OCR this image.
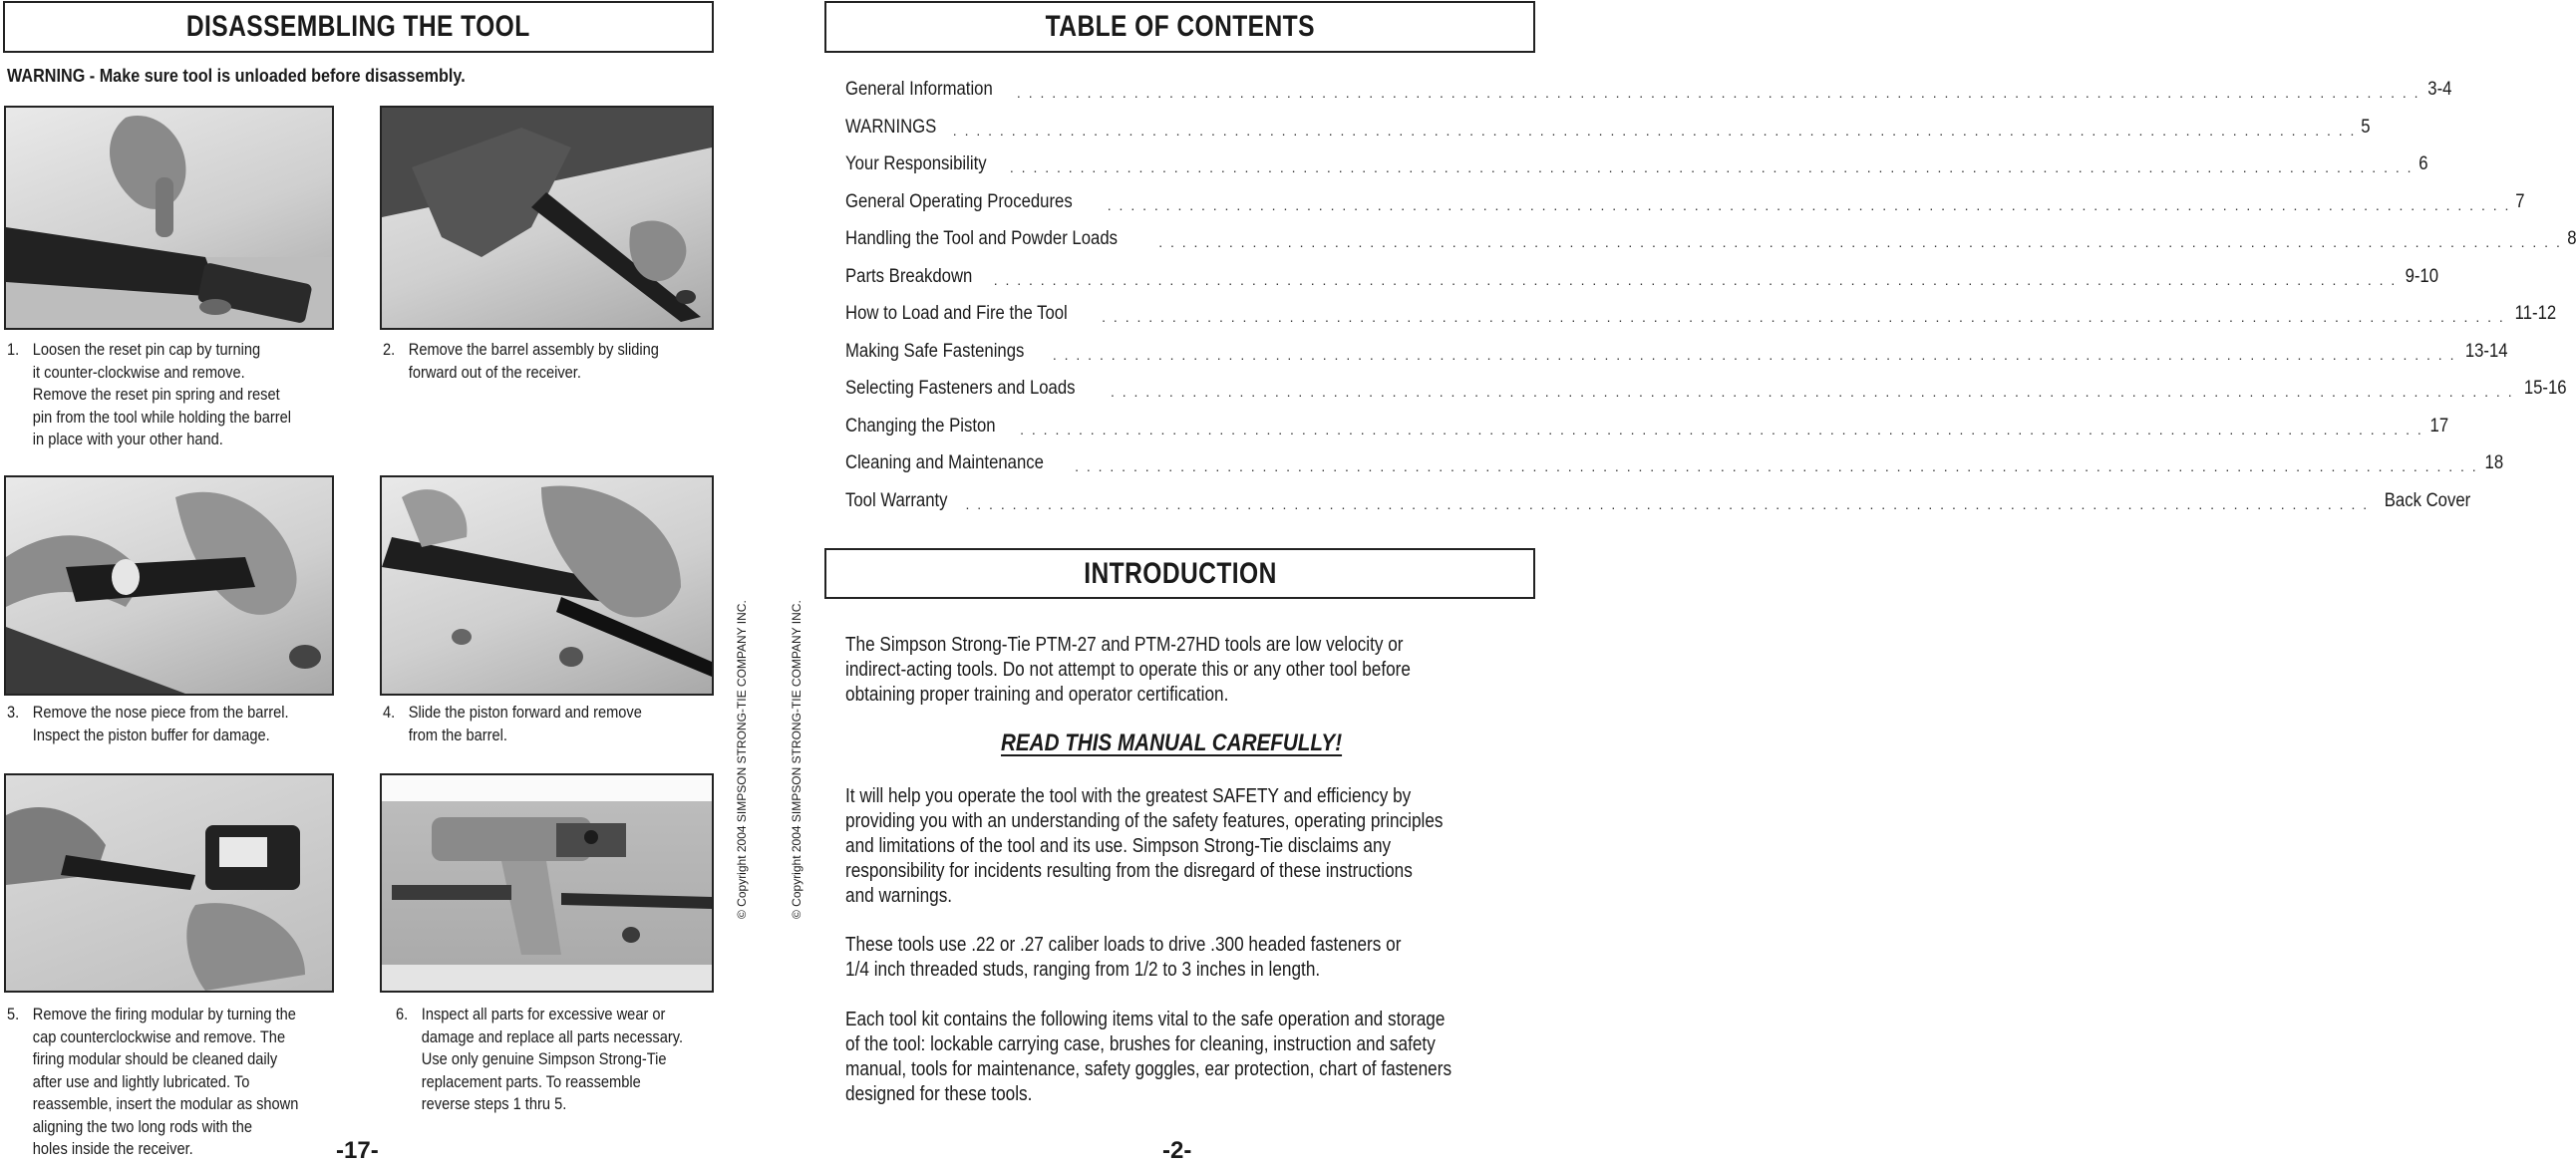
DISASSEMBLING THE TOOL
WARNING - Make sure tool is unloaded before disassembly.
1. Loosen the reset pin cap by turning
it counter-clockwise and remove.
Remove the reset pin spring and reset
pin from the tool while holding the barrel
in place with your other hand.
2. Remove the barrel assembly by sliding
forward out of the receiver.
3. Remove the nose piece from the barrel.
Inspect the piston buffer for damage.
4. Slide the piston forward and remove
from the barrel.
5. Remove the firing modular by turning the
cap counterclockwise and remove. The
firing modular should be cleaned daily
after use and lightly lubricated. To
reassemble, insert the modular as shown
aligning the two long rods with the
holes inside the receiver.
6. Inspect all parts for excessive wear or
damage and replace all parts necessary.
Use only genuine Simpson Strong-Tie
replacement parts. To reassemble
reverse steps 1 thru 5.
-17-
© Copyright 2004 SIMPSON STRONG-TIE COMPANY INC.	© Copyright 2004 SIMPSON STRONG-TIE COMPANY INC.
TABLE OF CONTENTS
General Information . . . . . . . . . . . . . . . . . . . . . . . . . . . . . . . . . . . . . . . . . . . . . . . . . . . . . . . . . . . . . . . . . . . . . . . . . . . . . . . . . . . . . . . . . . . . . . . . . . . . . . . . . . . . . . . . . . . . . . . . 3-4
WARNINGS . . . . . . . . . . . . . . . . . . . . . . . . . . . . . . . . . . . . . . . . . . . . . . . . . . . . . . . . . . . . . . . . . . . . . . . . . . . . . . . . . . . . . . . . . . . . . . . . . . . . . . . . . . . . . . . . . . . . . . . . 5
Your Responsibility . . . . . . . . . . . . . . . . . . . . . . . . . . . . . . . . . . . . . . . . . . . . . . . . . . . . . . . . . . . . . . . . . . . . . . . . . . . . . . . . . . . . . . . . . . . . . . . . . . . . . . . . . . . . . . . . . . . . . . . . 6
General Operating Procedures	. . . . . . . . . . . . . . . . . . . . . . . . . . . . . . . . . . . . . . . . . . . . . . . . . . . . . . . . . . . . . . . . . . . . . . . . . . . . . . . . . . . . . . . . . . . . . . . . . . . . . . . . . . . . . . . . . . . . . . . . 7
Handling the Tool and Powder Loads	. . . . . . . . . . . . . . . . . . . . . . . . . . . . . . . . . . . . . . . . . . . . . . . . . . . . . . . . . . . . . . . . . . . . . . . . . . . . . . . . . . . . . . . . . . . . . . . . . . . . . . . . . . . . . . . . . . . . . . . . 8
Parts Breakdown . . . . . . . . . . . . . . . . . . . . . . . . . . . . . . . . . . . . . . . . . . . . . . . . . . . . . . . . . . . . . . . . . . . . . . . . . . . . . . . . . . . . . . . . . . . . . . . . . . . . . . . . . . . . . . . . . . . . . . . . 9-10
How to Load and Fire the Tool . . . . . . . . . . . . . . . . . . . . . . . . . . . . . . . . . . . . . . . . . . . . . . . . . . . . . . . . . . . . . . . . . . . . . . . . . . . . . . . . . . . . . . . . . . . . . . . . . . . . . . . . . . . . . . . . . . . . . . . . 11-12
Making Safe Fastenings . . . . . . . . . . . . . . . . . . . . . . . . . . . . . . . . . . . . . . . . . . . . . . . . . . . . . . . . . . . . . . . . . . . . . . . . . . . . . . . . . . . . . . . . . . . . . . . . . . . . . . . . . . . . . . . . . . . . . . . . 13-14
Selecting Fasteners and Loads	. . . . . . . . . . . . . . . . . . . . . . . . . . . . . . . . . . . . . . . . . . . . . . . . . . . . . . . . . . . . . . . . . . . . . . . . . . . . . . . . . . . . . . . . . . . . . . . . . . . . . . . . . . . . . . . . . . . . . . . . 15-16
Changing the Piston . . . . . . . . . . . . . . . . . . . . . . . . . . . . . . . . . . . . . . . . . . . . . . . . . . . . . . . . . . . . . . . . . . . . . . . . . . . . . . . . . . . . . . . . . . . . . . . . . . . . . . . . . . . . . . . . . . . . . . . . 17
Cleaning and Maintenance . . . . . . . . . . . . . . . . . . . . . . . . . . . . . . . . . . . . . . . . . . . . . . . . . . . . . . . . . . . . . . . . . . . . . . . . . . . . . . . . . . . . . . . . . . . . . . . . . . . . . . . . . . . . . . . . . . . . . . . . 18
Tool Warranty . . . . . . . . . . . . . . . . . . . . . . . . . . . . . . . . . . . . . . . . . . . . . . . . . . . . . . . . . . . . . . . . . . . . . . . . . . . . . . . . . . . . . . . . . . . . . . . . . . . . . . . . . . . . . . . . . . . . . . . . Back Cover
INTRODUCTION
The Simpson Strong-Tie PTM-27 and PTM-27HD tools are low velocity or
indirect-acting tools. Do not attempt to operate this or any other tool before
obtaining proper training and operator certification.
READ THIS MANUAL CAREFULLY!
It will help you operate the tool with the greatest SAFETY and efficiency by
providing you with an understanding of the safety features, operating principles
and limitations of the tool and its use. Simpson Strong-Tie disclaims any
responsibility for incidents resulting from the disregard of these instructions
and warnings.
These tools use .22 or .27 caliber loads to drive .300 headed fasteners or
1/4 inch threaded studs, ranging from 1/2 to 3 inches in length.
Each tool kit contains the following items vital to the safe operation and storage
of the tool: lockable carrying case, brushes for cleaning, instruction and safety
manual, tools for maintenance, safety goggles, ear protection, chart of fasteners
designed for these tools.
-2-
